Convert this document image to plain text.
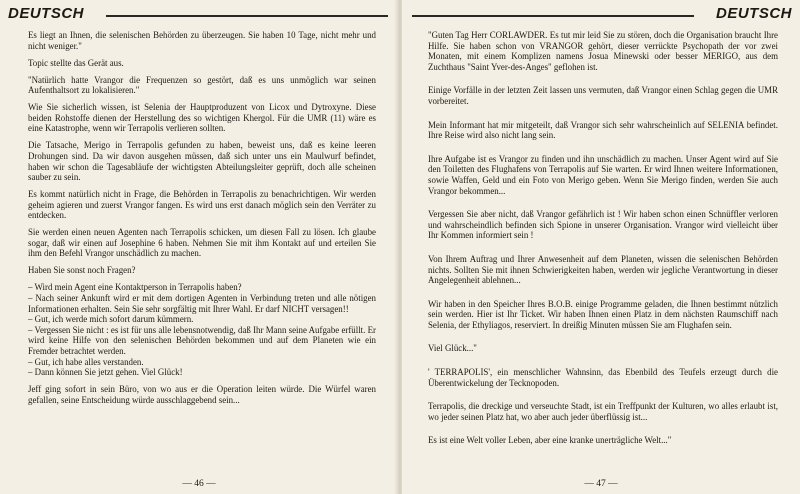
DEUTSCH

Es liegt an Ihnen, die selenischen Behörden zu überzeugen. Sie haben 10 Tage, nicht mehr und nicht weniger."

Topic stellte das Gerät aus.

"Natürlich hatte Vrangor die Frequenzen so gestört, daß es uns unmöglich war seinen Aufenthaltsort zu lokalisieren."

Wie Sie sicherlich wissen, ist Selenia der Hauptproduzent von Licox und Dytroxyne. Diese beiden Rohstoffe dienen der Herstellung des so wichtigen Khergol. Für die UMR (11) wäre es eine Katastrophe, wenn wir Terrapolis verlieren sollten.

Die Tatsache, Merigo in Terrapolis gefunden zu haben, beweist uns, daß es keine leeren Drohungen sind. Da wir davon ausgehen müssen, daß sich unter uns ein Maulwurf befindet, haben wir schon die Tagesabläufe der wichtigsten Abteilungsleiter geprüft, doch alle scheinen sauber zu sein.

Es kommt natürlich nicht in Frage, die Behörden in Terrapolis zu benachrichtigen. Wir werden geheim agieren und zuerst Vrangor fangen. Es wird uns erst danach möglich sein den Verräter zu entdecken.

Sie werden einen neuen Agenten nach Terrapolis schicken, um diesen Fall zu lösen. Ich glaube sogar, daß wir einen auf Josephine 6 haben. Nehmen Sie mit ihm Kontakt auf und erteilen Sie ihm den Befehl Vrangor unschädlich zu machen.

Haben Sie sonst noch Fragen?

– Wird mein Agent eine Kontaktperson in Terrapolis haben?

– Nach seiner Ankunft wird er mit dem dortigen Agenten in Verbindung treten und alle nötigen Informationen erhalten. Sein Sie sehr sorgfältig mit Ihrer Wahl. Er darf NICHT versagen!!

– Gut, ich werde mich sofort darum kümmern.

– Vergessen Sie nicht : es ist für uns alle lebensnotwendig, daß Ihr Mann seine Aufgabe erfüllt. Er wird keine Hilfe von den selenischen Behörden bekommen und auf dem Planeten wie ein Fremder betrachtet werden.

– Gut, ich habe alles verstanden.

– Dann können Sie jetzt gehen. Viel Glück!

Jeff ging sofort in sein Büro, von wo aus er die Operation leiten würde. Die Würfel waren gefallen, seine Entscheidung würde ausschlaggebend sein...

— 46 —
DEUTSCH

"Guten Tag Herr CORLAWDER. Es tut mir leid Sie zu stören, doch die Organisation braucht Ihre Hilfe. Sie haben schon von VRANGOR gehört, dieser verrückte Psychopath der vor zwei Monaten, mit einem Komplizen namens Josua Minewski oder besser MERIGO, aus dem Zuchthaus "Saint Yver-des-Anges" geflohen ist.

Einige Vorfälle in der letzten Zeit lassen uns vermuten, daß Vrangor einen Schlag gegen die UMR vorbereitet.

Mein Informant hat mir mitgeteilt, daß Vrangor sich sehr wahrscheinlich auf SELENIA befindet. Ihre Reise wird also nicht lang sein.

Ihre Aufgabe ist es Vrangor zu finden und ihn unschädlich zu machen. Unser Agent wird auf Sie den Toiletten des Flughafens von Terrapolis auf Sie warten. Er wird Ihnen weitere Informationen, sowie Waffen, Geld und ein Foto von Merigo geben. Wenn Sie Merigo finden, werden Sie auch Vrangor bekommen...

Vergessen Sie aber nicht, daß Vrangor gefährlich ist ! Wir haben schon einen Schnüffler verloren und wahrscheindlich befinden sich Spione in unserer Organisation. Vrangor wird vielleicht über Ihr Kommen informiert sein !

Von Ihrem Auftrag und Ihrer Anwesenheit auf dem Planeten, wissen die selenischen Behörden nichts. Sollten Sie mit ihnen Schwierigkeiten haben, werden wir jegliche Verantwortung in dieser Angelegenheit ablehnen...

Wir haben in den Speicher Ihres B.O.B. einige Programme geladen, die Ihnen bestimmt nützlich sein werden. Hier ist Ihr Ticket. Wir haben Ihnen einen Platz in dem nächsten Raumschiff nach Selenia, der Ethyliagos, reserviert. In dreißig Minuten müssen Sie am Flughafen sein.

Viel Glück..."

' TERRAPOLIS', ein menschlicher Wahnsinn, das Ebenbild des Teufels erzeugt durch die Überentwickelung der Tecknopoden.

Terrapolis, die dreckige und verseuchte Stadt, ist ein Treffpunkt der Kulturen, wo alles erlaubt ist, wo jeder seinen Platz hat, wo aber auch jeder überflüssig ist...

Es ist eine Welt voller Leben, aber eine kranke unerträgliche Welt..."

— 47 —
